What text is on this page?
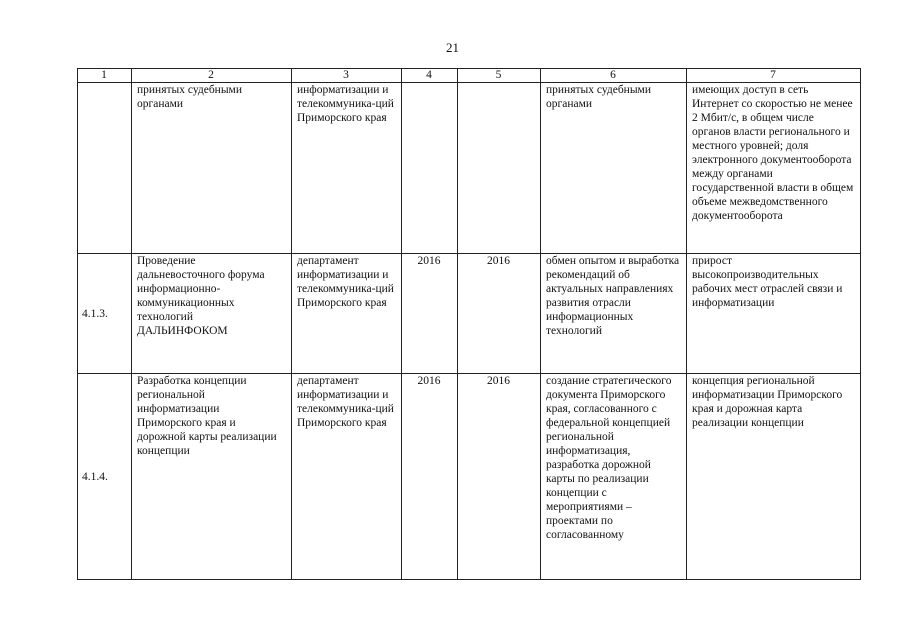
21
1	2	3	4	5	6	7
	принятых судебными органами	информатизации и телекоммуника-ций Приморского края			принятых судебными органами	имеющих доступ в сеть Интернет со скоростью не менее 2 Мбит/с, в общем числе органов власти регионального и местного уровней; доля электронного документооборота между органами государственной власти в общем объеме межведомственного документооборота
4.1.3.	Проведение дальневосточного форума информационно-коммуникационных технологий ДАЛЬИНФОКОМ	департамент информатизации и телекоммуника-ций Приморского края	2016	2016	обмен опытом и выработка рекомендаций об актуальных направлениях развития отрасли информационных технологий	прирост высокопроизводительных рабочих мест отраслей связи и информатизации
4.1.4.	Разработка концепции региональной информатизации Приморского края и дорожной карты реализации концепции	департамент информатизации и телекоммуника-ций Приморского края	2016	2016	создание стратегического документа Приморского края, согласованного с федеральной концепцией региональной информатизация, разработка дорожной карты по реализации концепции с мероприятиями – проектами по согласованному	концепция региональной информатизации Приморского края и дорожная карта реализации концепции
